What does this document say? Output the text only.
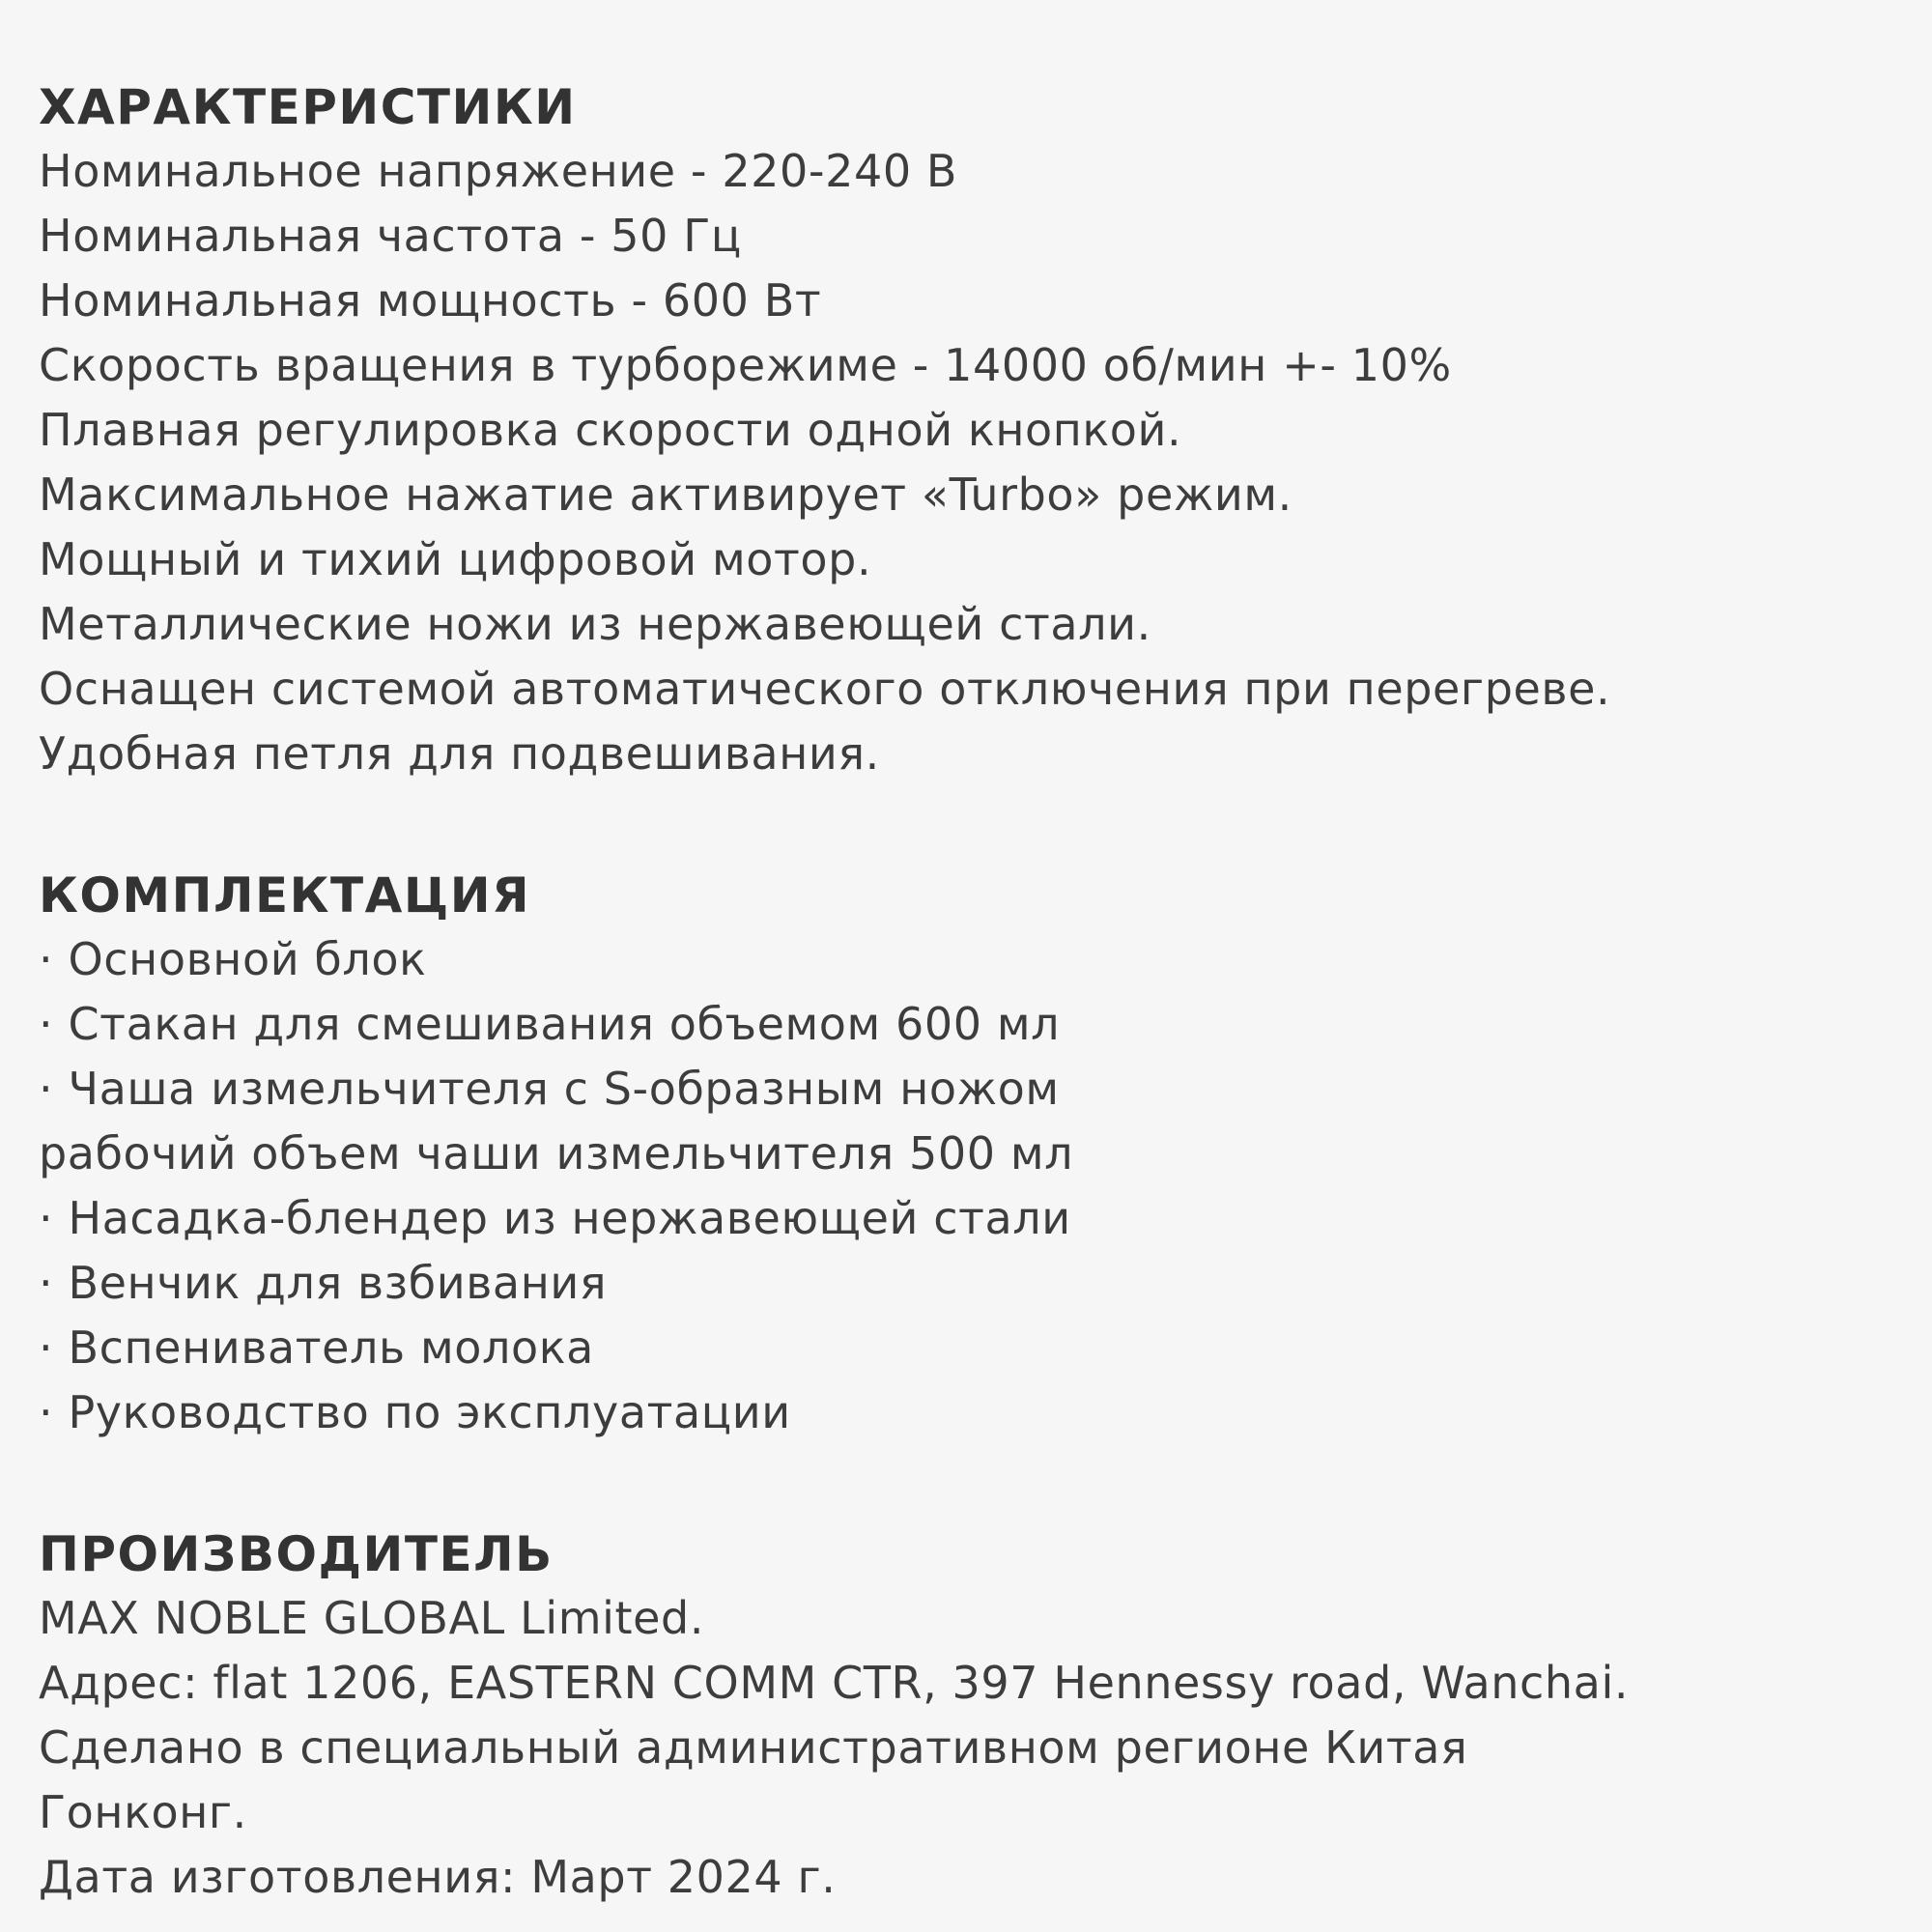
ХАРАКТЕРИСТИКИ

Номинальное напряжение - 220-240 В

Номинальная частота - 50 Гц

Номинальная мощность - 600 Вт

Скорость вращения в турборежиме - 14000 об/мин +- 10%

Плавная регулировка скорости одной кнопкой.

Максимальное нажатие активирует «Turbo» режим.

Мощный и тихий цифровой мотор.

Металлические ножи из нержавеющей стали.

Оснащен системой автоматического отключения при перегреве.

Удобная петля для подвешивания.

КОМПЛЕКТАЦИЯ

· Основной блок

· Стакан для смешивания объемом 600 мл

· Чаша измельчителя с S-образным ножом

рабочий объем чаши измельчителя 500 мл

· Насадка-блендер из нержавеющей стали

· Венчик для взбивания

· Вспениватель молока

· Руководство по эксплуатации

ПРОИЗВОДИТЕЛЬ

MAX NOBLE GLOBAL Limited.

Адрес: flat 1206, EASTERN COMM CTR, 397 Hennessy road, Wanchai.

Сделано в специальный административном регионе Китая

Гонконг.

Дата изготовления: Март 2024 г.
